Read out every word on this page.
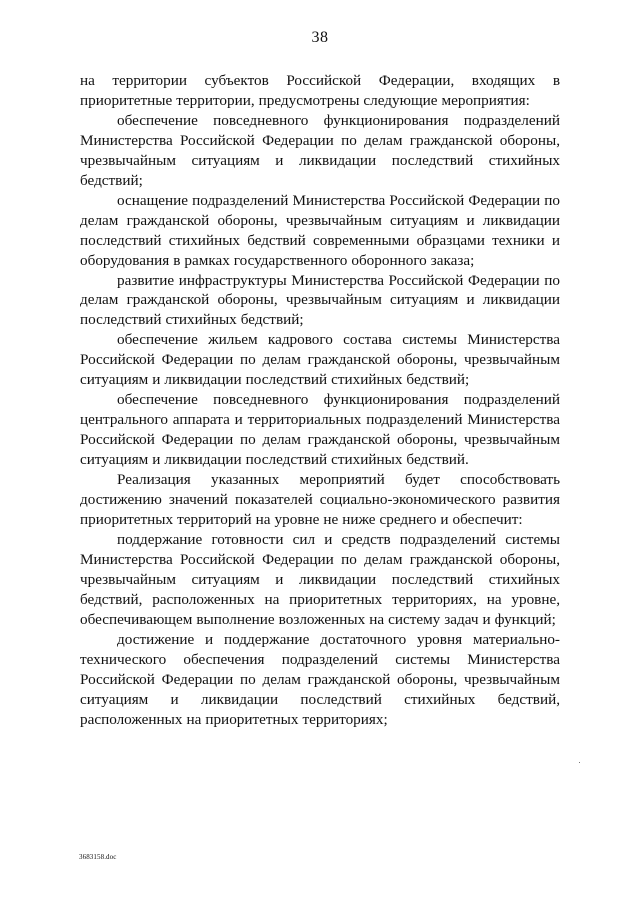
38

на территории субъектов Российской Федерации, входящих в приоритетные территории, предусмотрены следующие мероприятия:

обеспечение повседневного функционирования подразделений Министерства Российской Федерации по делам гражданской обороны, чрезвычайным ситуациям и ликвидации последствий стихийных бедствий;

оснащение подразделений Министерства Российской Федерации по делам гражданской обороны, чрезвычайным ситуациям и ликвидации последствий стихийных бедствий современными образцами техники и оборудования в рамках государственного оборонного заказа;

развитие инфраструктуры Министерства Российской Федерации по делам гражданской обороны, чрезвычайным ситуациям и ликвидации последствий стихийных бедствий;

обеспечение жильем кадрового состава системы Министерства Российской Федерации по делам гражданской обороны, чрезвычайным ситуациям и ликвидации последствий стихийных бедствий;

обеспечение повседневного функционирования подразделений центрального аппарата и территориальных подразделений Министерства Российской Федерации по делам гражданской обороны, чрезвычайным ситуациям и ликвидации последствий стихийных бедствий.

Реализация указанных мероприятий будет способствовать достижению значений показателей социально-экономического развития приоритетных территорий на уровне не ниже среднего и обеспечит:

поддержание готовности сил и средств подразделений системы Министерства Российской Федерации по делам гражданской обороны, чрезвычайным ситуациям и ликвидации последствий стихийных бедствий, расположенных на приоритетных территориях, на уровне, обеспечивающем выполнение возложенных на систему задач и функций;

достижение и поддержание достаточного уровня материально-технического обеспечения подразделений системы Министерства Российской Федерации по делам гражданской обороны, чрезвычайным ситуациям и ликвидации последствий стихийных бедствий, расположенных на приоритетных территориях;

3683158.doc
